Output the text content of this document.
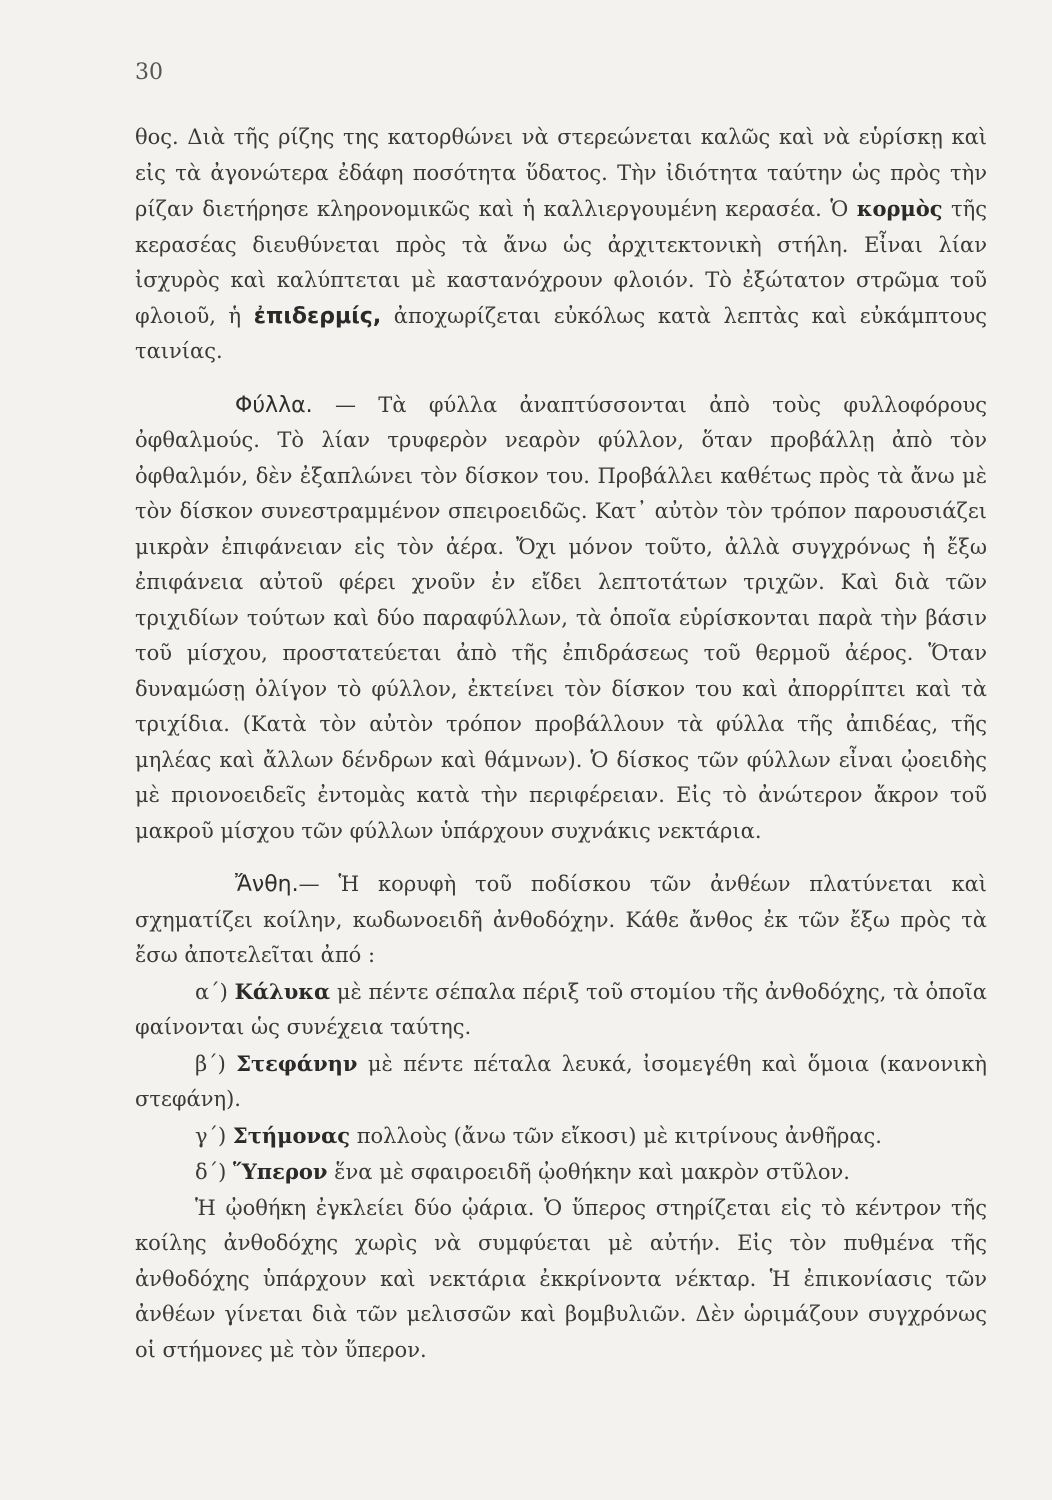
30

θος. Διὰ τῆς ρίζης της κατορθώνει νὰ στερεώνεται καλῶς καὶ νὰ εὑρίσκῃ καὶ εἰς τὰ ἀγονώτερα ἐδάφη ποσότητα ὕδατος. Τὴν ἰδιότητα ταύτην ὡς πρὸς τὴν ρίζαν διετήρησε κληρονομικῶς καὶ ἡ καλλιεργουμένη κερασέα. Ὁ κορμὸς τῆς κερασέας διευθύνεται πρὸς τὰ ἄνω ὡς ἀρχιτεκτονικὴ στήλη. Εἶναι λίαν ἰσχυρὸς καὶ καλύπτεται μὲ καστανόχρουν φλοιόν. Τὸ ἐξώτατον στρῶμα τοῦ φλοιοῦ, ἡ ἐπιδερμίς, ἀποχωρίζεται εὐκόλως κατὰ λεπτὰς καὶ εὐκάμπτους ταινίας.

Φύλλα. — Τὰ φύλλα ἀναπτύσσονται ἀπὸ τοὺς φυλλοφόρους ὀφθαλμούς. Τὸ λίαν τρυφερὸν νεαρὸν φύλλον, ὅταν προβάλλῃ ἀπὸ τὸν ὀφθαλμόν, δὲν ἐξαπλώνει τὸν δίσκον του. Προβάλλει καθέτως πρὸς τὰ ἄνω μὲ τὸν δίσκον συνεστραμμένον σπειροειδῶς. Κατ᾿ αὐτὸν τὸν τρόπον παρουσιάζει μικρὰν ἐπιφάνειαν εἰς τὸν ἀέρα. Ὄχι μόνον τοῦτο, ἀλλὰ συγχρόνως ἡ ἔξω ἐπιφάνεια αὐτοῦ φέρει χνοῦν ἐν εἴδει λεπτοτάτων τριχῶν. Καὶ διὰ τῶν τριχιδίων τούτων καὶ δύο παραφύλλων, τὰ ὁποῖα εὑρίσκονται παρὰ τὴν βάσιν τοῦ μίσχου, προστατεύεται ἀπὸ τῆς ἐπιδράσεως τοῦ θερμοῦ ἀέρος. Ὅταν δυναμώσῃ ὀλίγον τὸ φύλλον, ἐκτείνει τὸν δίσκον του καὶ ἀπορρίπτει καὶ τὰ τριχίδια. (Κατὰ τὸν αὐτὸν τρόπον προβάλλουν τὰ φύλλα τῆς ἀπιδέας, τῆς μηλέας καὶ ἄλλων δένδρων καὶ θάμνων). Ὁ δίσκος τῶν φύλλων εἶναι ᾠοειδὴς μὲ πριονοειδεῖς ἐντομὰς κατὰ τὴν περιφέρειαν. Εἰς τὸ ἀνώτερον ἄκρον τοῦ μακροῦ μίσχου τῶν φύλλων ὑπάρχουν συχνάκις νεκτάρια.

Ἄνθη.— Ἡ κορυφὴ τοῦ ποδίσκου τῶν ἀνθέων πλατύνεται καὶ σχηματίζει κοίλην, κωδωνοειδῆ ἀνθοδόχην. Κάθε ἄνθος ἐκ τῶν ἔξω πρὸς τὰ ἔσω ἀποτελεῖται ἀπό :

α΄) Κάλυκα μὲ πέντε σέπαλα πέριξ τοῦ στομίου τῆς ἀνθοδόχης, τὰ ὁποῖα φαίνονται ὡς συνέχεια ταύτης.

β΄) Στεφάνην μὲ πέντε πέταλα λευκά, ἰσομεγέθη καὶ ὅμοια (κανονικὴ στεφάνη).

γ΄) Στήμονας πολλοὺς (ἄνω τῶν εἴκοσι) μὲ κιτρίνους ἀνθῆρας.

δ΄) Ὕπερον ἕνα μὲ σφαιροειδῆ ᾠοθήκην καὶ μακρὸν στῦλον.

Ἡ ᾠοθήκη ἐγκλείει δύο ᾠάρια. Ὁ ὕπερος στηρίζεται εἰς τὸ κέντρον τῆς κοίλης ἀνθοδόχης χωρὶς νὰ συμφύεται μὲ αὐτήν. Εἰς τὸν πυθμένα τῆς ἀνθοδόχης ὑπάρχουν καὶ νεκτάρια ἐκκρίνοντα νέκταρ. Ἡ ἐπικονίασις τῶν ἀνθέων γίνεται διὰ τῶν μελισσῶν καὶ βομβυλιῶν. Δὲν ὡριμάζουν συγχρόνως οἱ στήμονες μὲ τὸν ὕπερον.
